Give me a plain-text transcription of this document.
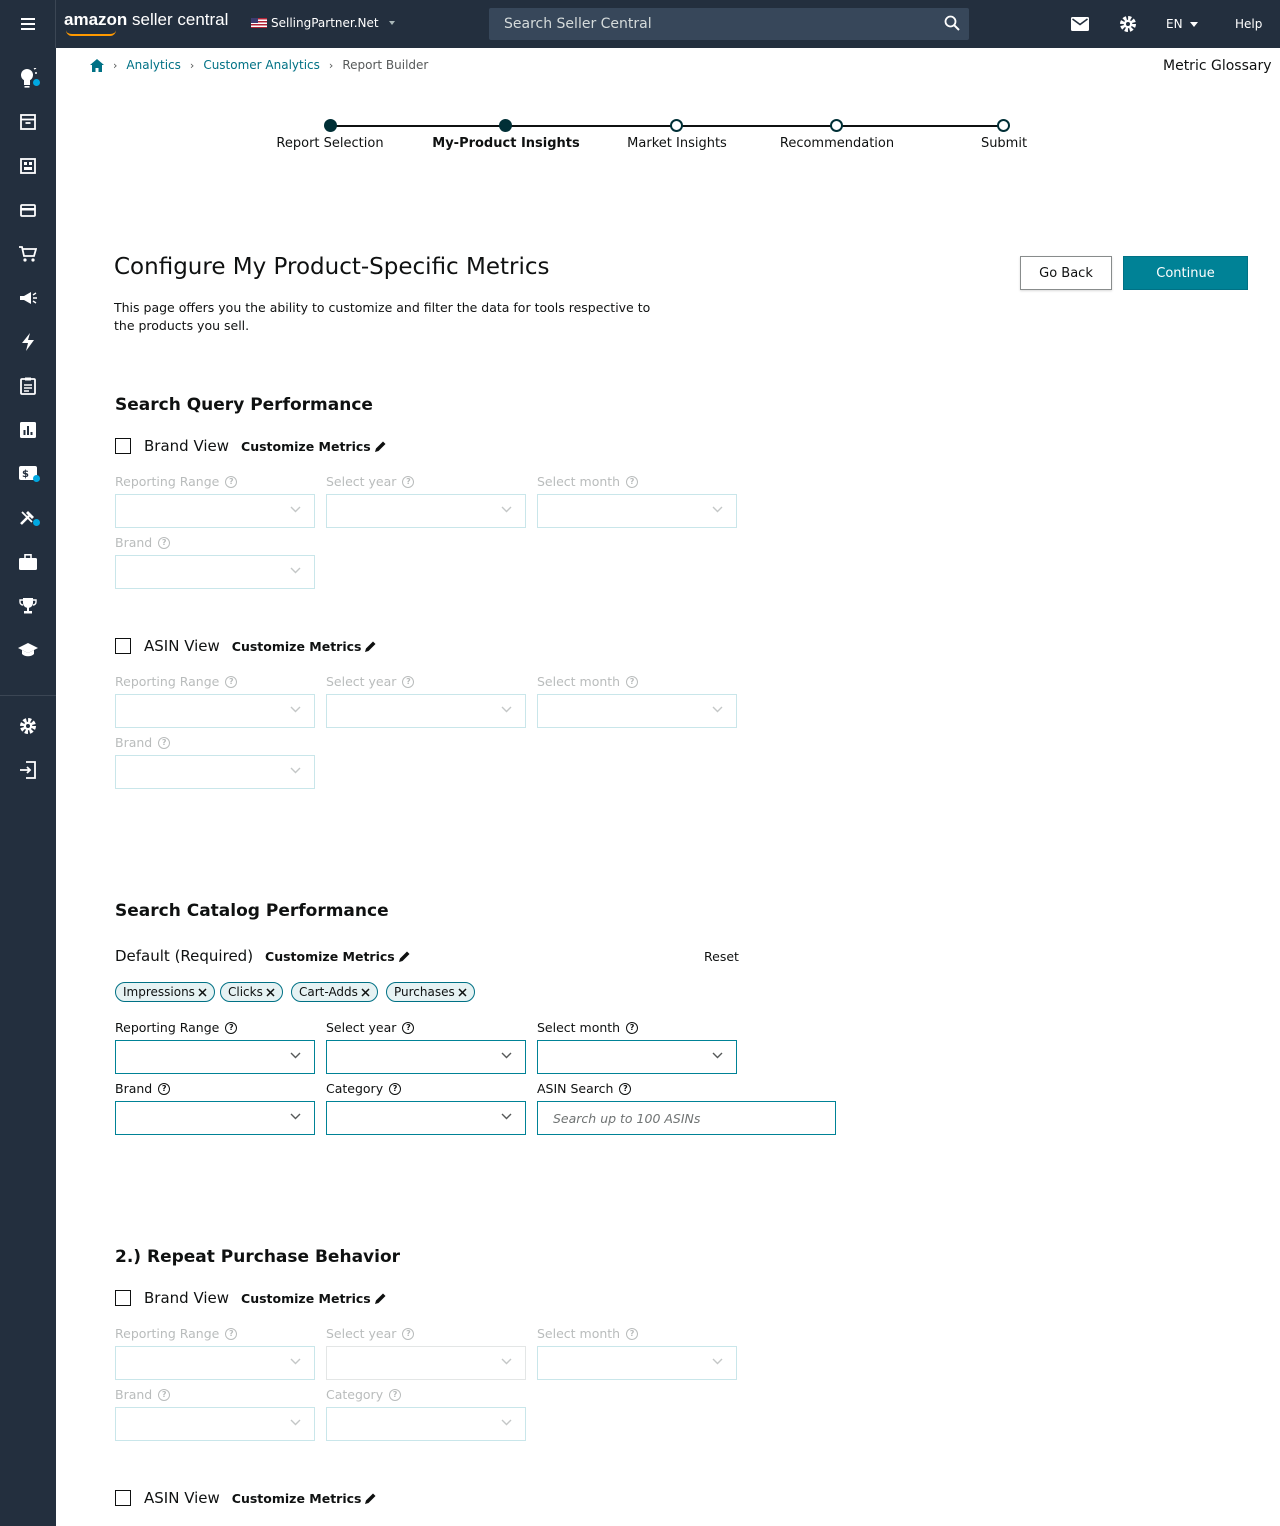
amazon seller central	SellingPartner.Net
Search Seller Central	EN	Help
$
› Analytics › Customer Analytics › Report Builder	Metric Glossary
Report Selection	My-Product Insights	Market Insights	Recommendation	Submit
Configure My Product-Specific Metrics

This page offers you the ability to customize and filter the data for tools respective to the products you sell.

Go Back	Continue
Search Query Performance
Brand View Customize Metrics
Reporting Range	?	Select year	?	Select month	?
Brand	?
ASIN View Customize Metrics
Reporting Range	?	Select year	?	Select month	?
Brand	?
Search Catalog Performance
Default (Required) Customize Metrics	Reset
Impressions	Clicks	Cart-Adds	Purchases
Reporting Range	?	Select year	?	Select month	?
Brand	?	Category	?	ASIN Search	?
Search up to 100 ASINs
2.) Repeat Purchase Behavior
Brand View Customize Metrics
Reporting Range	?	Select year	?	Select month	?
Brand	?	Category	?
ASIN View Customize Metrics
